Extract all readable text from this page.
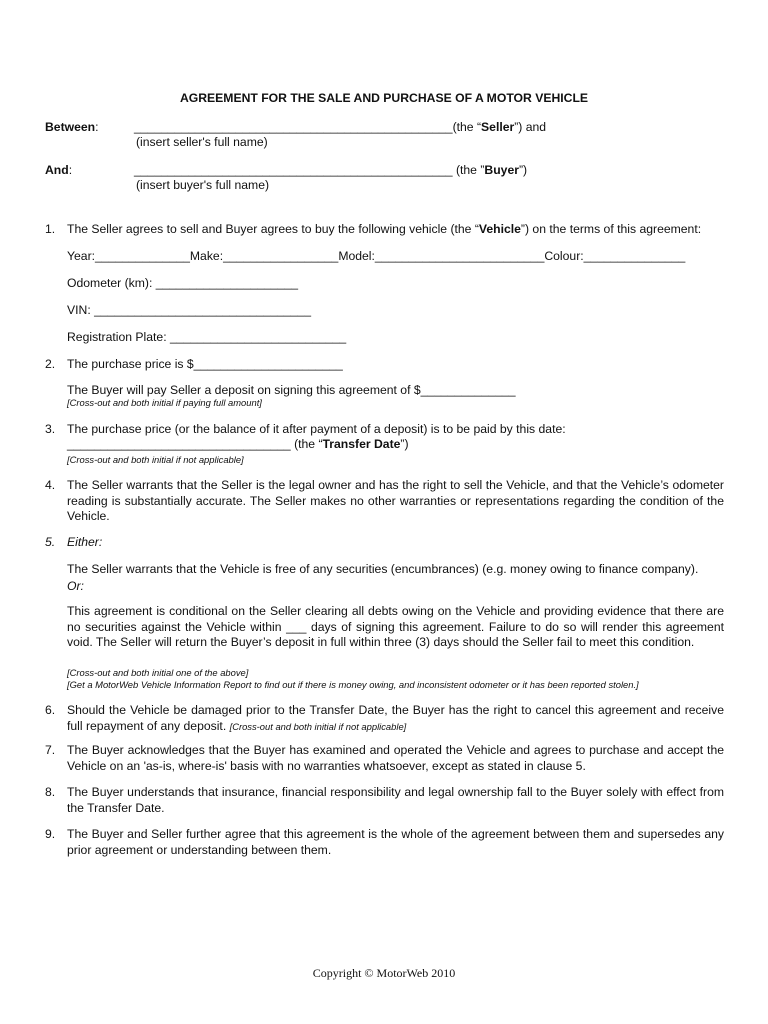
AGREEMENT FOR THE SALE AND PURCHASE OF A MOTOR VEHICLE
Between:	_______________________________________________(the “Seller”) and
(insert seller's full name)
And:	_______________________________________________ (the ”Buyer”)
(insert buyer's full name)
1. The Seller agrees to sell and Buyer agrees to buy the following vehicle (the “Vehicle”) on the terms of this agreement:
Year:______________Make:_________________Model:_________________________Colour:_______________
Odometer (km): _____________________
VIN: ________________________________
Registration Plate: __________________________
2. The purchase price is $______________________
The Buyer will pay Seller a deposit on signing this agreement of $______________
[Cross-out and both initial if paying full amount]
3. The purchase price (or the balance of it after payment of a deposit) is to be paid by this date:
_________________________________ (the “Transfer Date”)
[Cross-out and both initial if not applicable]
4. The Seller warrants that the Seller is the legal owner and has the right to sell the Vehicle, and that the Vehicle’s odometer reading is substantially accurate. The Seller makes no other warranties or representations regarding the condition of the Vehicle.
5. Either:
The Seller warrants that the Vehicle is free of any securities (encumbrances) (e.g. money owing to finance company).
Or:
This agreement is conditional on the Seller clearing all debts owing on the Vehicle and providing evidence that there are no securities against the Vehicle within ___ days of signing this agreement. Failure to do so will render this agreement void. The Seller will return the Buyer’s deposit in full within three (3) days should the Seller fail to meet this condition.
[Cross-out and both initial one of the above]
[Get a MotorWeb Vehicle Information Report to find out if there is money owing, and inconsistent odometer or it has been reported stolen.]
6. Should the Vehicle be damaged prior to the Transfer Date, the Buyer has the right to cancel this agreement and receive full repayment of any deposit. [Cross-out and both initial if not applicable]
7. The Buyer acknowledges that the Buyer has examined and operated the Vehicle and agrees to purchase and accept the Vehicle on an 'as-is, where-is' basis with no warranties whatsoever, except as stated in clause 5.
8. The Buyer understands that insurance, financial responsibility and legal ownership fall to the Buyer solely with effect from the Transfer Date.
9. The Buyer and Seller further agree that this agreement is the whole of the agreement between them and supersedes any prior agreement or understanding between them.
Copyright © MotorWeb 2010
